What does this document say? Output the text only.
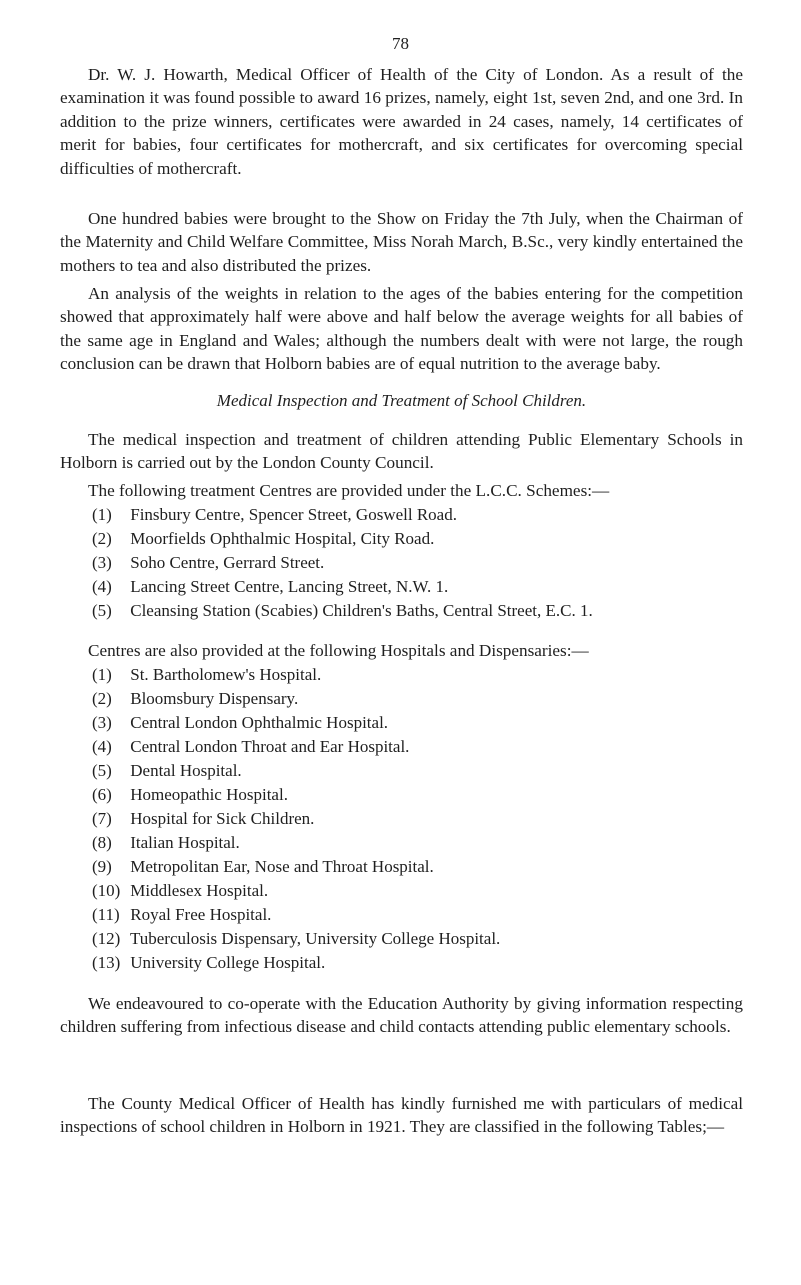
78
Dr. W. J. Howarth, Medical Officer of Health of the City of London. As a result of the examination it was found possible to award 16 prizes, namely, eight 1st, seven 2nd, and one 3rd. In addition to the prize winners, certificates were awarded in 24 cases, namely, 14 certificates of merit for babies, four certificates for mothercraft, and six certificates for overcoming special difficulties of mothercraft.
One hundred babies were brought to the Show on Friday the 7th July, when the Chairman of the Maternity and Child Welfare Committee, Miss Norah March, B.Sc., very kindly entertained the mothers to tea and also distributed the prizes.
An analysis of the weights in relation to the ages of the babies entering for the competition showed that approximately half were above and half below the average weights for all babies of the same age in England and Wales; although the numbers dealt with were not large, the rough conclusion can be drawn that Holborn babies are of equal nutrition to the average baby.
Medical Inspection and Treatment of School Children.
The medical inspection and treatment of children attending Public Elementary Schools in Holborn is carried out by the London County Council.
The following treatment Centres are provided under the L.C.C. Schemes:—
(1) Finsbury Centre, Spencer Street, Goswell Road.
(2) Moorfields Ophthalmic Hospital, City Road.
(3) Soho Centre, Gerrard Street.
(4) Lancing Street Centre, Lancing Street, N.W. 1.
(5) Cleansing Station (Scabies) Children's Baths, Central Street, E.C. 1.
Centres are also provided at the following Hospitals and Dispensaries:—
(1) St. Bartholomew's Hospital.
(2) Bloomsbury Dispensary.
(3) Central London Ophthalmic Hospital.
(4) Central London Throat and Ear Hospital.
(5) Dental Hospital.
(6) Homeopathic Hospital.
(7) Hospital for Sick Children.
(8) Italian Hospital.
(9) Metropolitan Ear, Nose and Throat Hospital.
(10) Middlesex Hospital.
(11) Royal Free Hospital.
(12) Tuberculosis Dispensary, University College Hospital.
(13) University College Hospital.
We endeavoured to co-operate with the Education Authority by giving information respecting children suffering from infectious disease and child contacts attending public elementary schools.
The County Medical Officer of Health has kindly furnished me with particulars of medical inspections of school children in Holborn in 1921. They are classified in the following Tables;—
